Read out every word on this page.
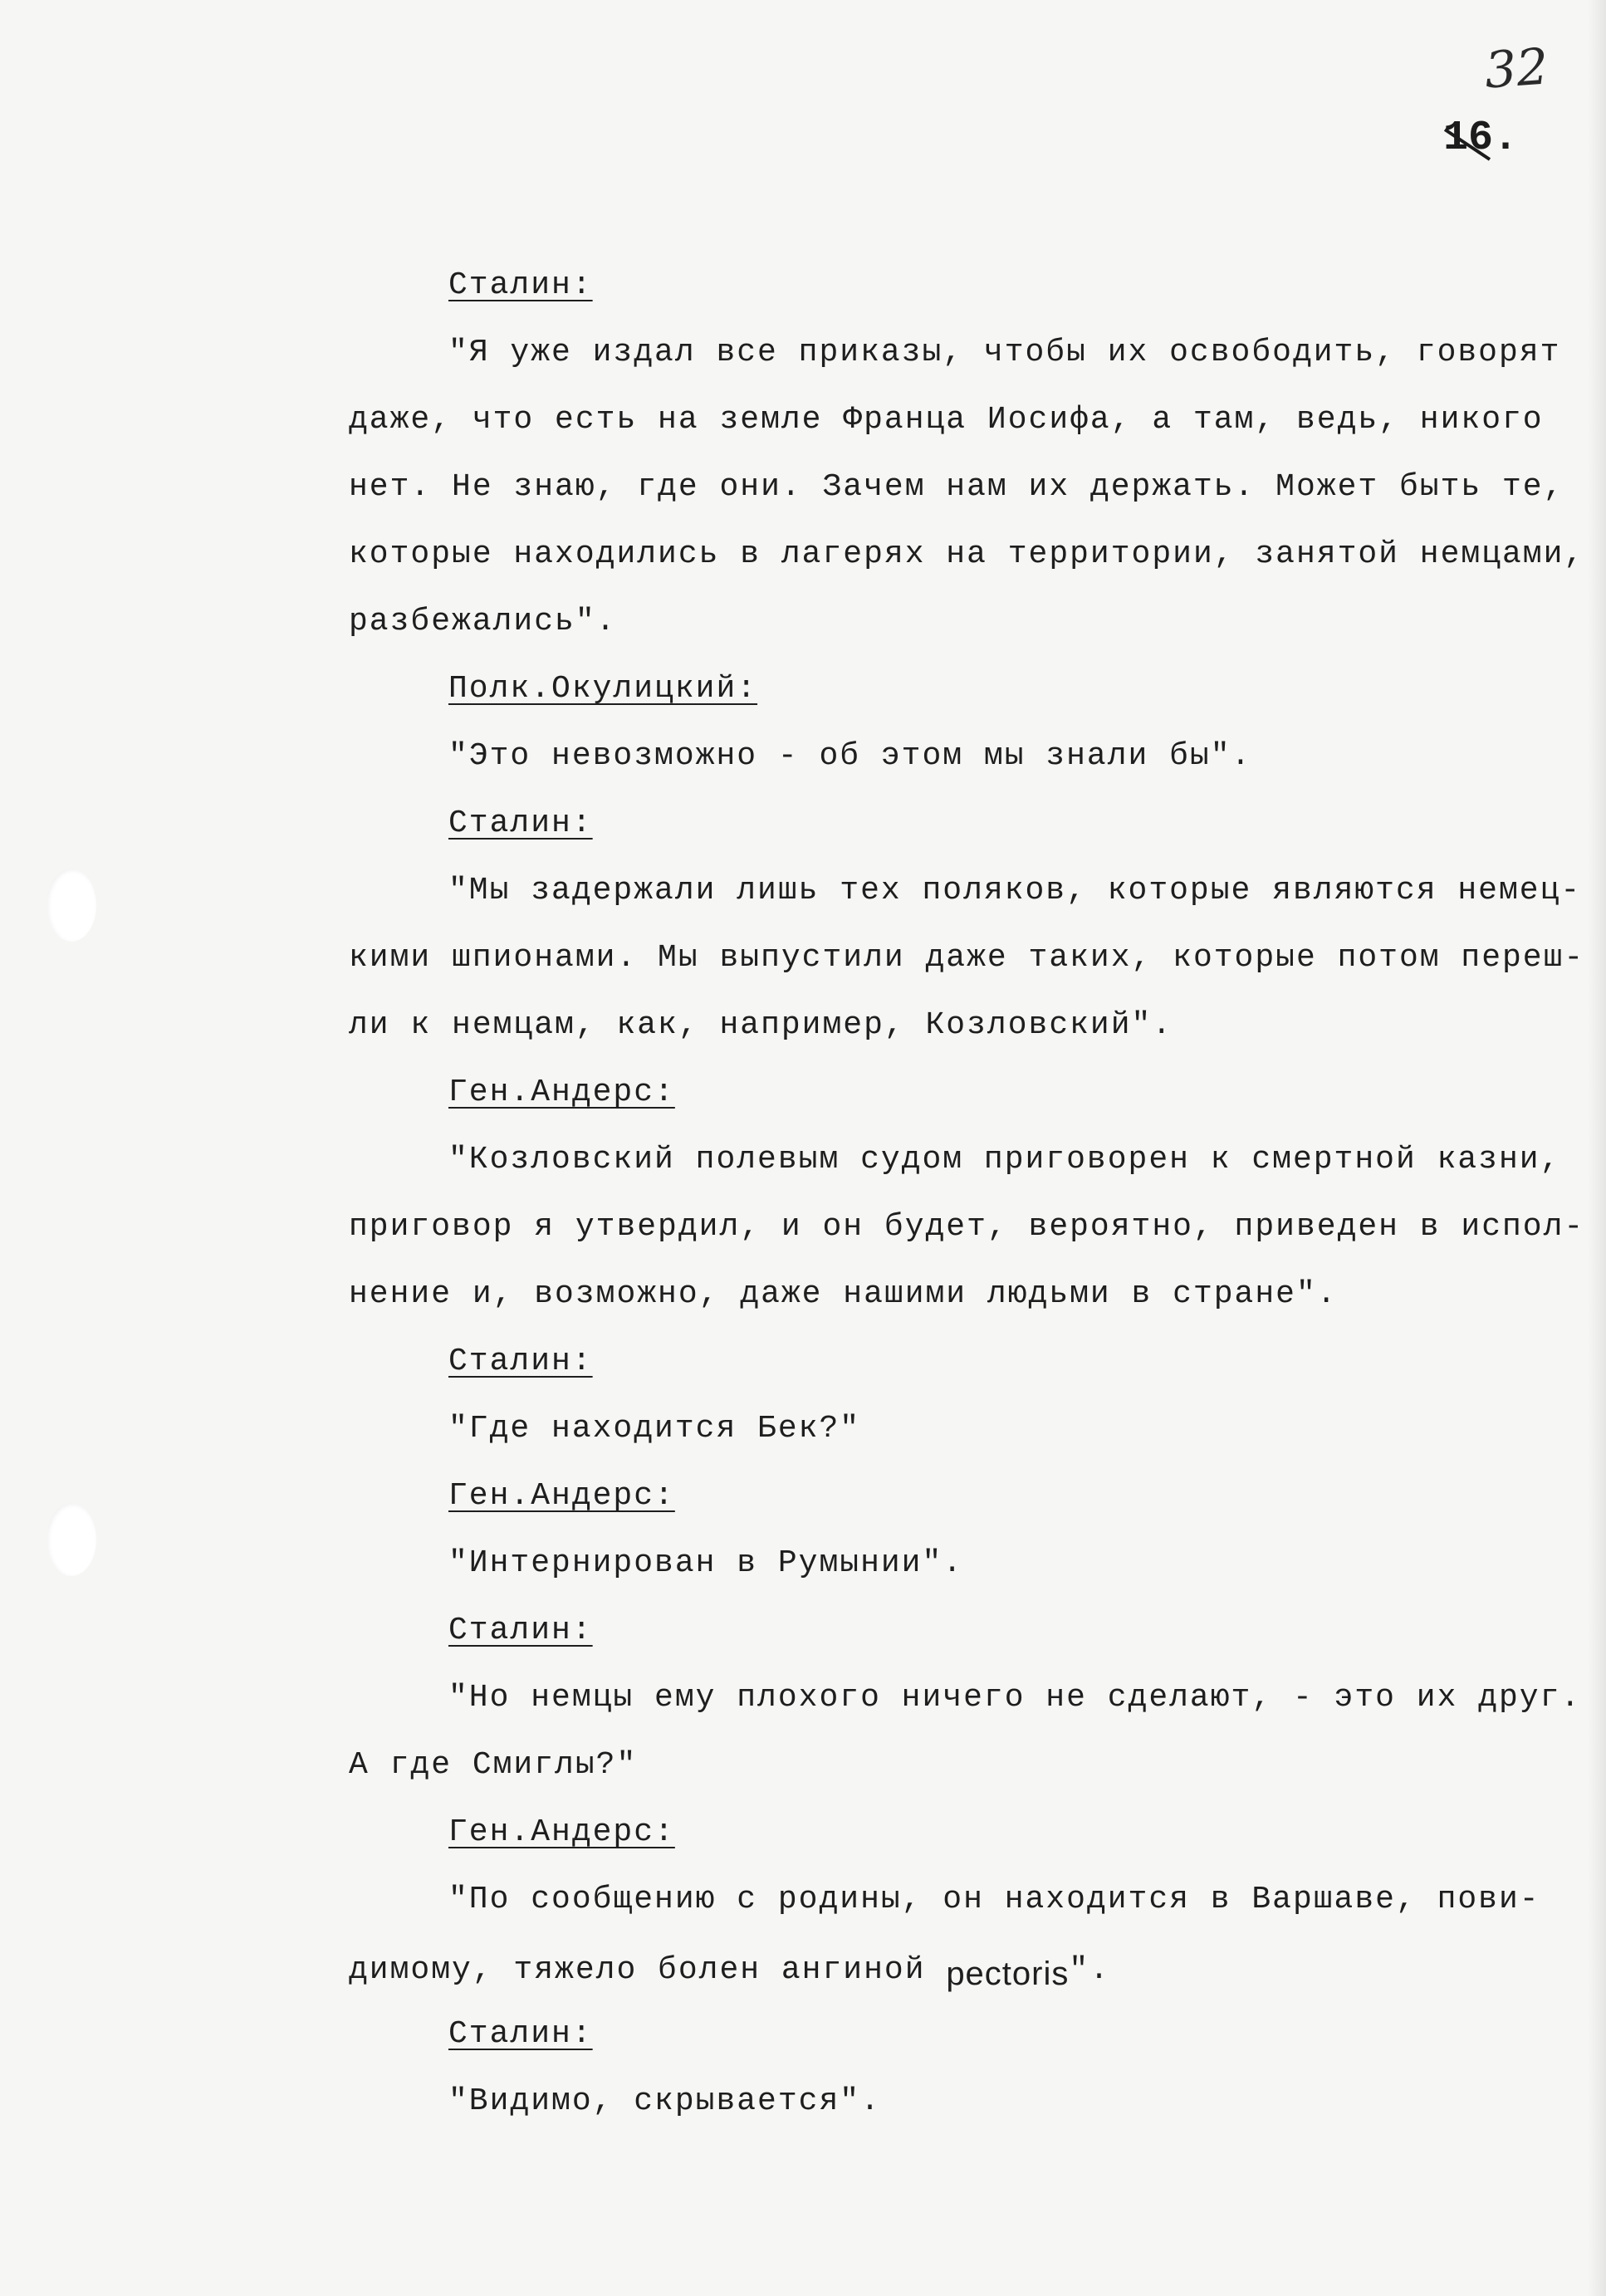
32
16.
Сталин:
"Я уже издал все приказы, чтобы их освободить, говорят
даже, что есть на земле Франца Иосифа, а там, ведь, никого
нет. Не знаю, где они. Зачем нам их держать. Может быть те,
которые находились в лагерях на территории, занятой немцами,
разбежались".
Полк.Окулицкий:
"Это невозможно - об этом мы знали бы".
Сталин:
"Мы задержали лишь тех поляков, которые являются немец-
кими шпионами. Мы выпустили даже таких, которые потом переш-
ли к немцам, как, например, Козловский".
Ген.Андерс:
"Козловский полевым судом приговорен к смертной казни,
приговор я утвердил, и он будет, вероятно, приведен в испол-
нение и, возможно, даже нашими людьми в стране".
Сталин:
"Где находится Бек?"
Ген.Андерс:
"Интернирован в Румынии".
Сталин:
"Но немцы ему плохого ничего не сделают, - это их друг.
А где Смиглы?"
Ген.Андерс:
"По сообщению с родины, он находится в Варшаве, пови-
димому, тяжело болен ангиной pectoris".
Сталин:
"Видимо, скрывается".
